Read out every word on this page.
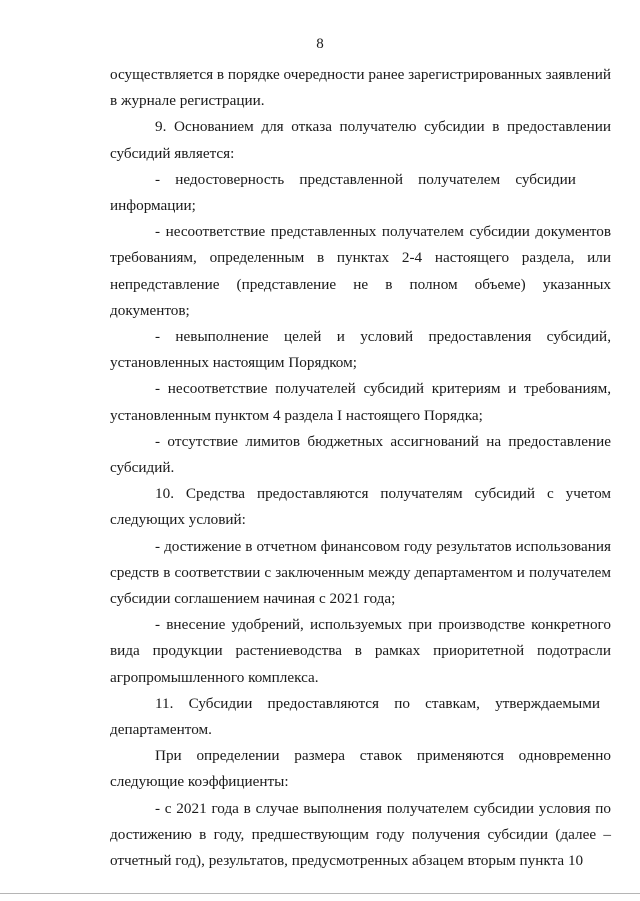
8

осуществляется в порядке очередности ранее зарегистрированных заявлений в журнале регистрации.

9. Основанием для отказа получателю субсидии в предоставлении субсидий является:

- недостоверность представленной получателем субсидии информации;

- несоответствие представленных получателем субсидии документов требованиям, определенным в пунктах 2-4 настоящего раздела, или непредставление (представление не в полном объеме) указанных документов;

- невыполнение целей и условий предоставления субсидий, установленных настоящим Порядком;

- несоответствие получателей субсидий критериям и требованиям, установленным пунктом 4 раздела I настоящего Порядка;

- отсутствие лимитов бюджетных ассигнований на предоставление субсидий.

10. Средства предоставляются получателям субсидий с учетом следующих условий:

- достижение в отчетном финансовом году результатов использования средств в соответствии с заключенным между департаментом и получателем субсидии соглашением начиная с 2021 года;

- внесение удобрений, используемых при производстве конкретного вида продукции растениеводства в рамках приоритетной подотрасли агропромышленного комплекса.

11. Субсидии предоставляются по ставкам, утверждаемыми департаментом.

При определении размера ставок применяются одновременно следующие коэффициенты:

- с 2021 года в случае выполнения получателем субсидии условия по достижению в году, предшествующим году получения субсидии (далее – отчетный год), результатов, предусмотренных абзацем вторым пункта 10
